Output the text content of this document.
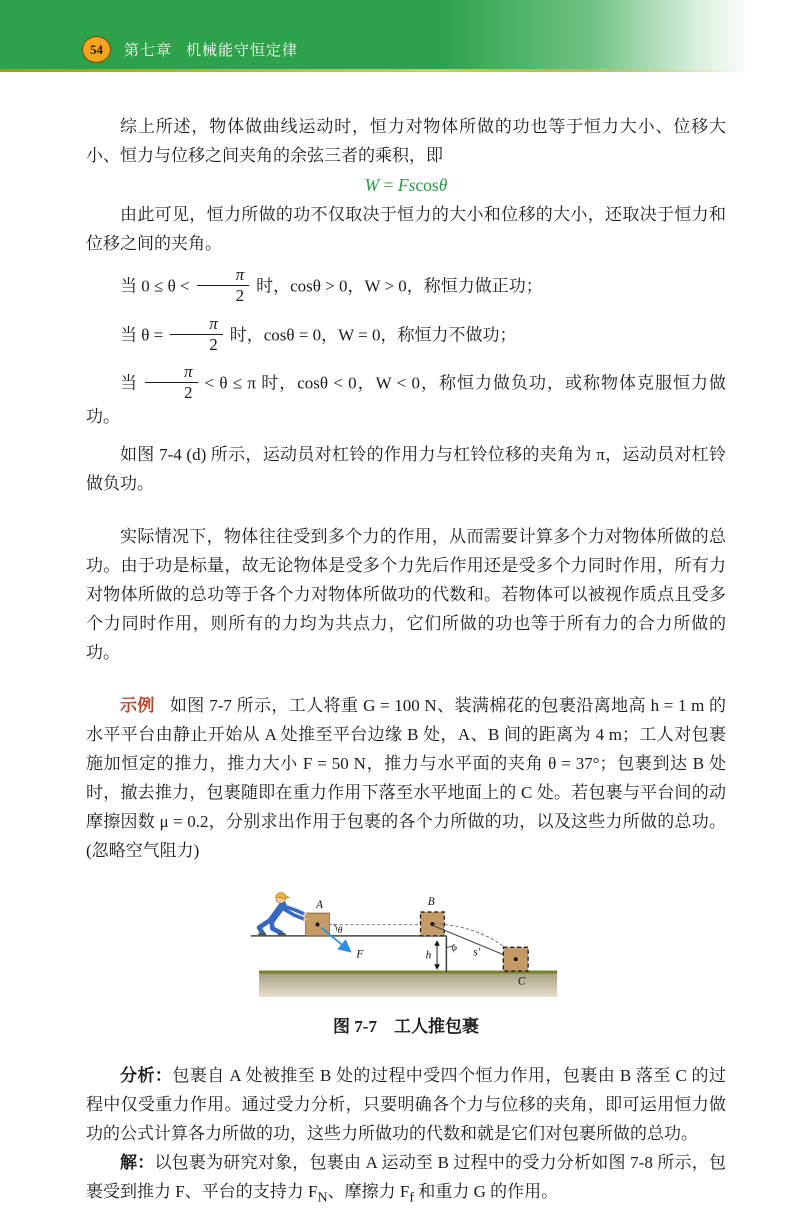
54	第七章 机械能守恒定律

综上所述，物体做曲线运动时，恒力对物体所做的功也等于恒力大小、位移大小、恒力与位移之间夹角的余弦三者的乘积，即

W = Fscosθ

由此可见，恒力所做的功不仅取决于恒力的大小和位移的大小，还取决于恒力和位移之间的夹角。

当 $0 \le \theta < \frac{\pi}{2}$ 时，cosθ > 0，W > 0，称恒力做正功；

当 $\theta = \frac{\pi}{2}$ 时，cosθ = 0，W = 0，称恒力不做功；

当 $\frac{\pi}{2} < \theta \le \pi$ 时，cosθ < 0，W < 0，称恒力做负功，或称物体克服恒力做功。

如图 7-4 (d) 所示，运动员对杠铃的作用力与杠铃位移的夹角为 π，运动员对杠铃做负功。

实际情况下，物体往往受到多个力的作用，从而需要计算多个力对物体所做的总功。由于功是标量，故无论物体是受多个力先后作用还是受多个力同时作用，所有力对物体所做的总功等于各个力对物体所做功的代数和。若物体可以被视作质点且受多个力同时作用，则所有的力均为共点力，它们所做的功也等于所有力的合力所做的功。

示例 如图 7-7 所示，工人将重 G = 100 N、装满棉花的包裹沿离地高 h = 1 m 的水平平台由静止开始从 A 处推至平台边缘 B 处，A、B 间的距离为 4 m；工人对包裹施加恒定的推力，推力大小 F = 50 N，推力与水平面的夹角 θ = 37°；包裹到达 B 处时，撤去推力，包裹随即在重力作用下落至水平地面上的 C 处。若包裹与平台间的动摩擦因数 μ = 0.2，分别求出作用于包裹的各个力所做的功，以及这些力所做的总功。(忽略空气阻力)

A
θ
F
B
h
φ s′
C
图 7-7　工人推包裹

分析：包裹自 A 处被推至 B 处的过程中受四个恒力作用，包裹由 B 落至 C 的过程中仅受重力作用。通过受力分析，只要明确各个力与位移的夹角，即可运用恒力做功的公式计算各力所做的功，这些力所做功的代数和就是它们对包裹所做的总功。

解：以包裹为研究对象，包裹由 A 运动至 B 过程中的受力分析如图 7-8 所示，包裹受到推力 F、平台的支持力 $F_N$、摩擦力 $F_f$ 和重力 G 的作用。
